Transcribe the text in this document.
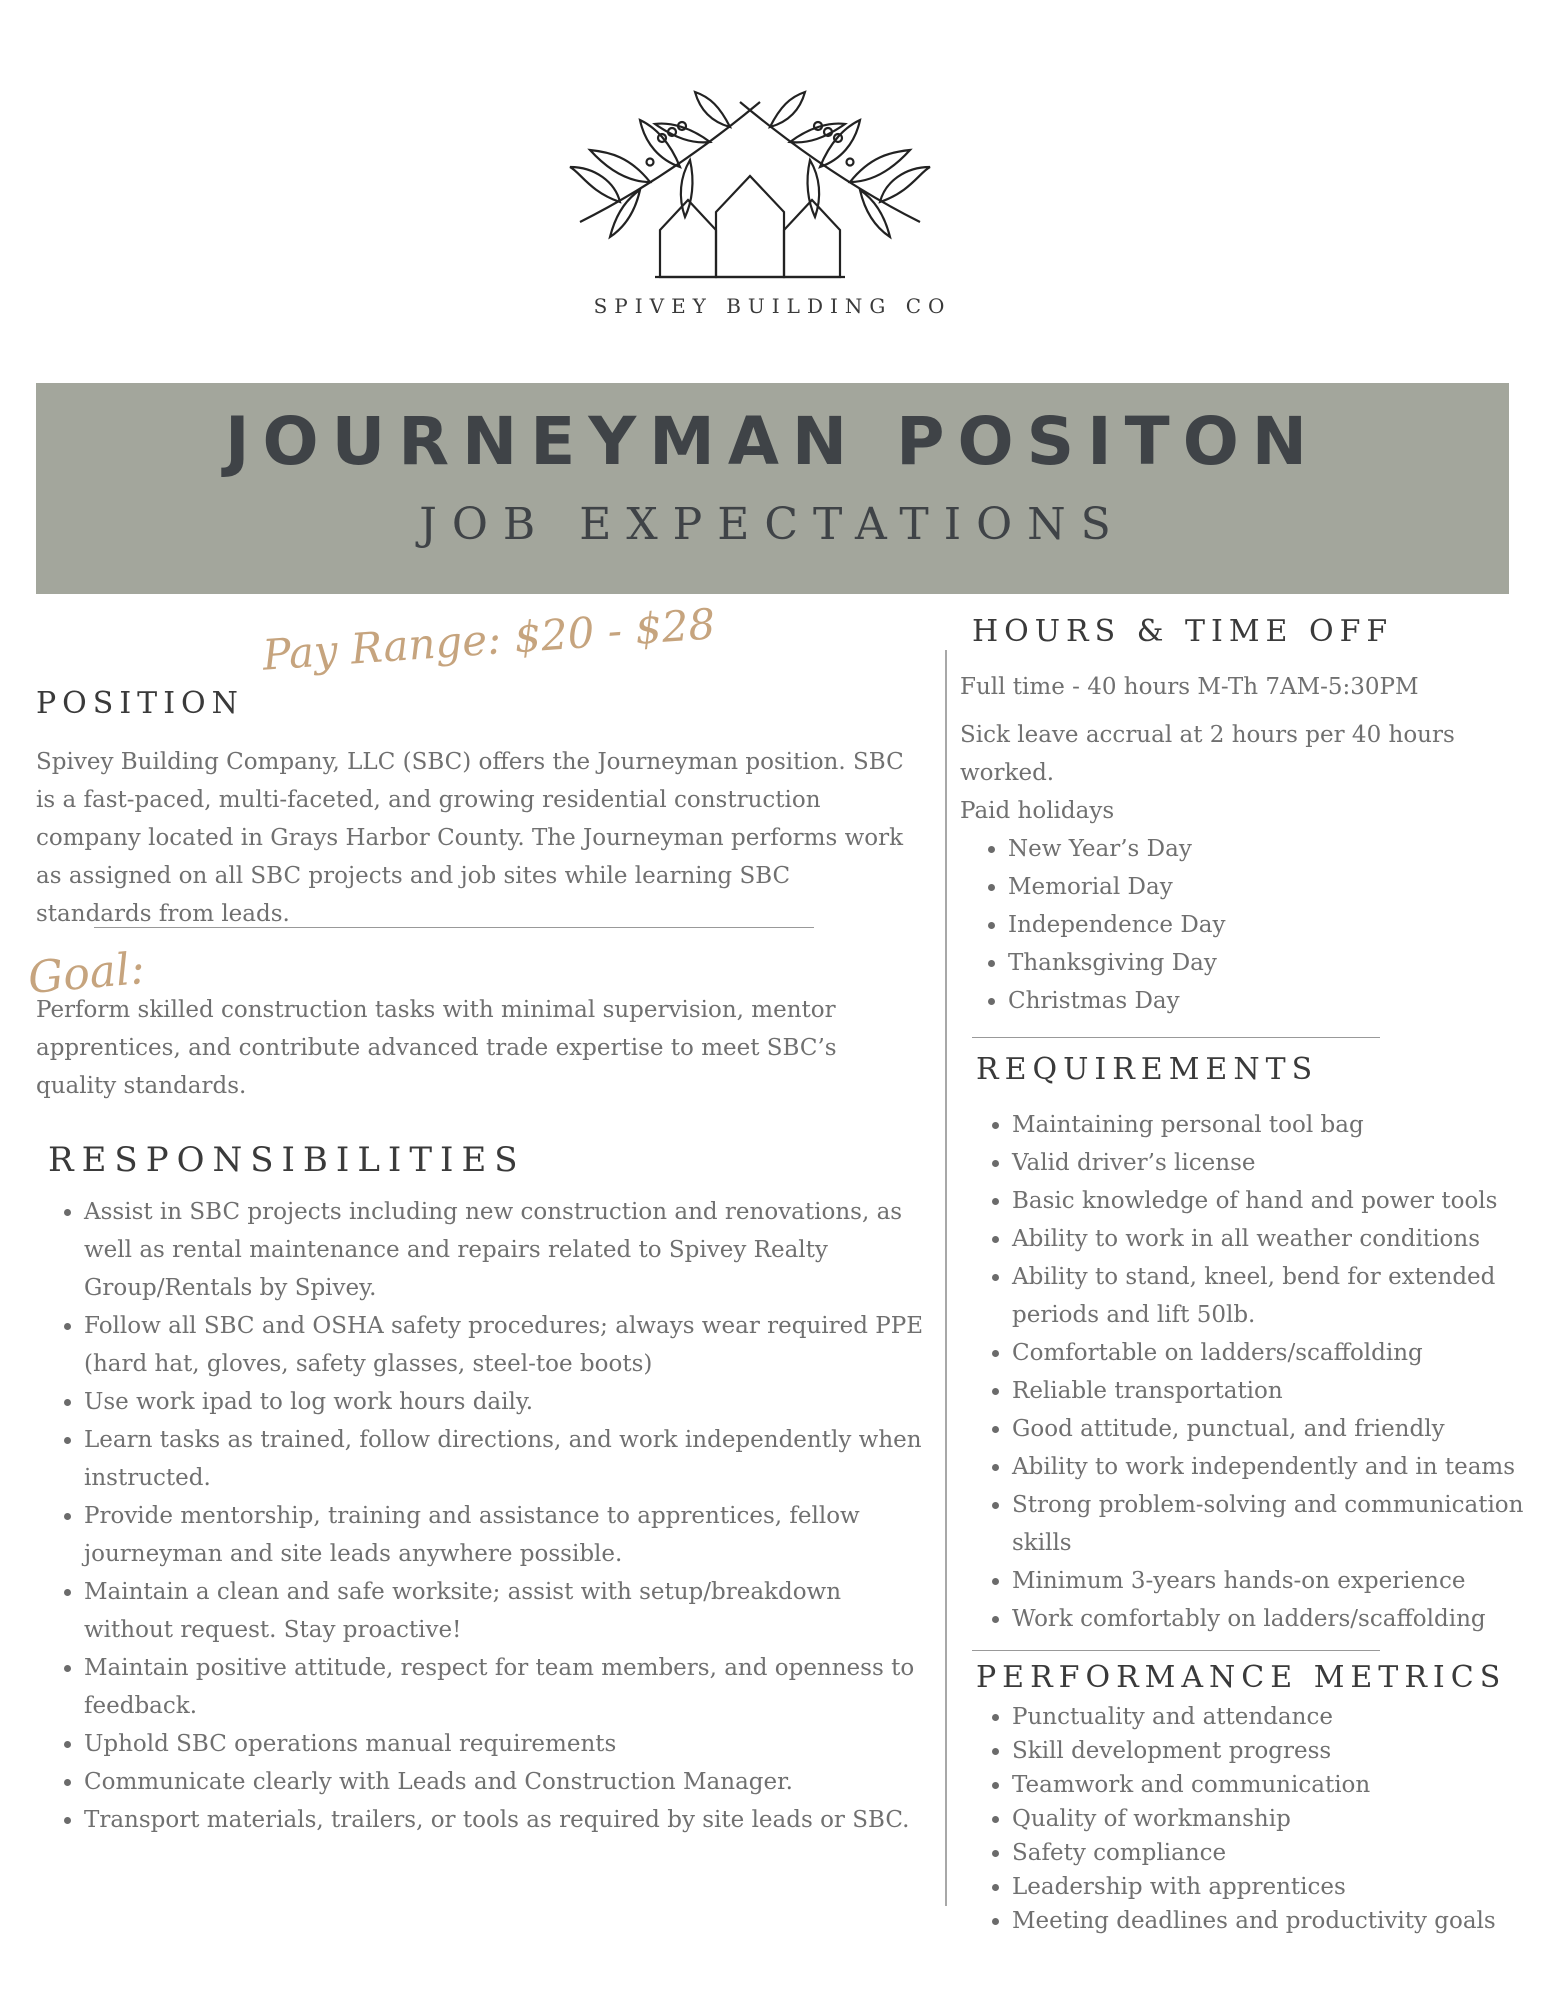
SPIVEY BUILDING CO
JOURNEYMAN POSITON
JOB EXPECTATIONS
Pay Range: $20 - $28
POSITION

Spivey Building Company, LLC (SBC) offers the Journeyman position. SBC is a fast-paced, multi-faceted, and growing residential construction company located in Grays Harbor County. The Journeyman performs work as assigned on all SBC projects and job sites while learning SBC standards from leads.

Goal:

Perform skilled construction tasks with minimal supervision, mentor apprentices, and contribute advanced trade expertise to meet SBC’s quality standards.

RESPONSIBILITIES
• Assist in SBC projects including new construction and renovations, as well as rental maintenance and repairs related to Spivey Realty Group/Rentals by Spivey.
• Follow all SBC and OSHA safety procedures; always wear required PPE (hard hat, gloves, safety glasses, steel-toe boots)
• Use work ipad to log work hours daily.
• Learn tasks as trained, follow directions, and work independently when instructed.
• Provide mentorship, training and assistance to apprentices, fellow journeyman and site leads anywhere possible.
• Maintain a clean and safe worksite; assist with setup/breakdown without request. Stay proactive!
• Maintain positive attitude, respect for team members, and openness to feedback.
• Uphold SBC operations manual requirements
• Communicate clearly with Leads and Construction Manager.
• Transport materials, trailers, or tools as required by site leads or SBC.
HOURS & TIME OFF

Full time - 40 hours M-Th 7AM-5:30PM

Sick leave accrual at 2 hours per 40 hours worked.

Paid holidays

• New Year’s Day
• Memorial Day
• Independence Day
• Thanksgiving Day
• Christmas Day
REQUIREMENTS
• Maintaining personal tool bag
• Valid driver’s license
• Basic knowledge of hand and power tools
• Ability to work in all weather conditions
• Ability to stand, kneel, bend for extended periods and lift 50lb.
• Comfortable on ladders/scaffolding
• Reliable transportation
• Good attitude, punctual, and friendly
• Ability to work independently and in teams
• Strong problem-solving and communication skills
• Minimum 3-years hands-on experience
• Work comfortably on ladders/scaffolding
PERFORMANCE METRICS
• Punctuality and attendance
• Skill development progress
• Teamwork and communication
• Quality of workmanship
• Safety compliance
• Leadership with apprentices
• Meeting deadlines and productivity goals
